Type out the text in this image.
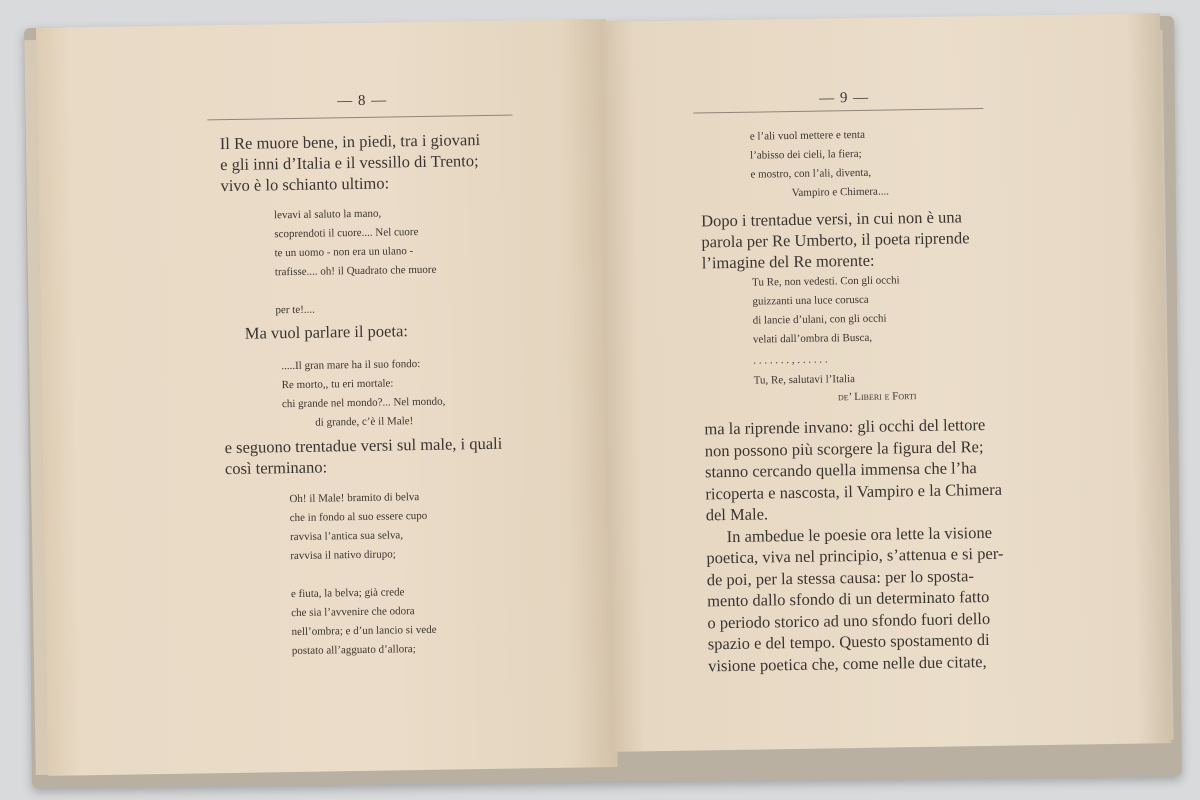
— 8 —
Il Re muore bene, in piedi, tra i giovani
e gli inni d’Italia e il vessillo di Trento;
vivo è lo schianto ultimo:
levavi al saluto la mano,
scoprendoti il cuore.... Nel cuore
te un uomo - non era un ulano -
trafisse.... oh! il Quadrato che muore

per te!....
Ma vuol parlare il poeta:
.....Il gran mare ha il suo fondo:
Re morto,, tu eri mortale:
chi grande nel mondo?... Nel mondo,
di grande, c’è il Male!
e seguono trentadue versi sul male, i quali
così terminano:
Oh! il Male! bramito di belva
che in fondo al suo essere cupo
ravvisa l’antica sua selva,
ravvisa il nativo dirupo;

e fiuta, la belva; già crede
che sia l’avvenire che odora
nell’ombra; e d’un lancio si vede
postato all’agguato d’allora;
— 9 —
e l’ali vuol mettere e tenta
l’abisso dei cieli, la fiera;
e mostro, con l’ali, diventa,
Vampiro e Chimera....
Dopo i trentadue versi, in cui non è una
parola per Re Umberto, il poeta riprende
l’imagine del Re morente:
Tu Re, non vedesti. Con gli occhi
guizzanti una luce corusca
di lancie d’ulani, con gli occhi
velati dall’ombra di Busca,
. . . . . . . , . . . . . .
Tu, Re, salutavi l’Italia
de’ Liberi e Forti
ma la riprende invano: gli occhi del lettore
non possono più scorgere la figura del Re;
stanno cercando quella immensa che l’ha
ricoperta e nascosta, il Vampiro e la Chimera
del Male.
In ambedue le poesie ora lette la visione
poetica, viva nel principio, s’attenua e si per-
de poi, per la stessa causa: per lo sposta-
mento dallo sfondo di un determinato fatto
o periodo storico ad uno sfondo fuori dello
spazio e del tempo. Questo spostamento di
visione poetica che, come nelle due citate,
